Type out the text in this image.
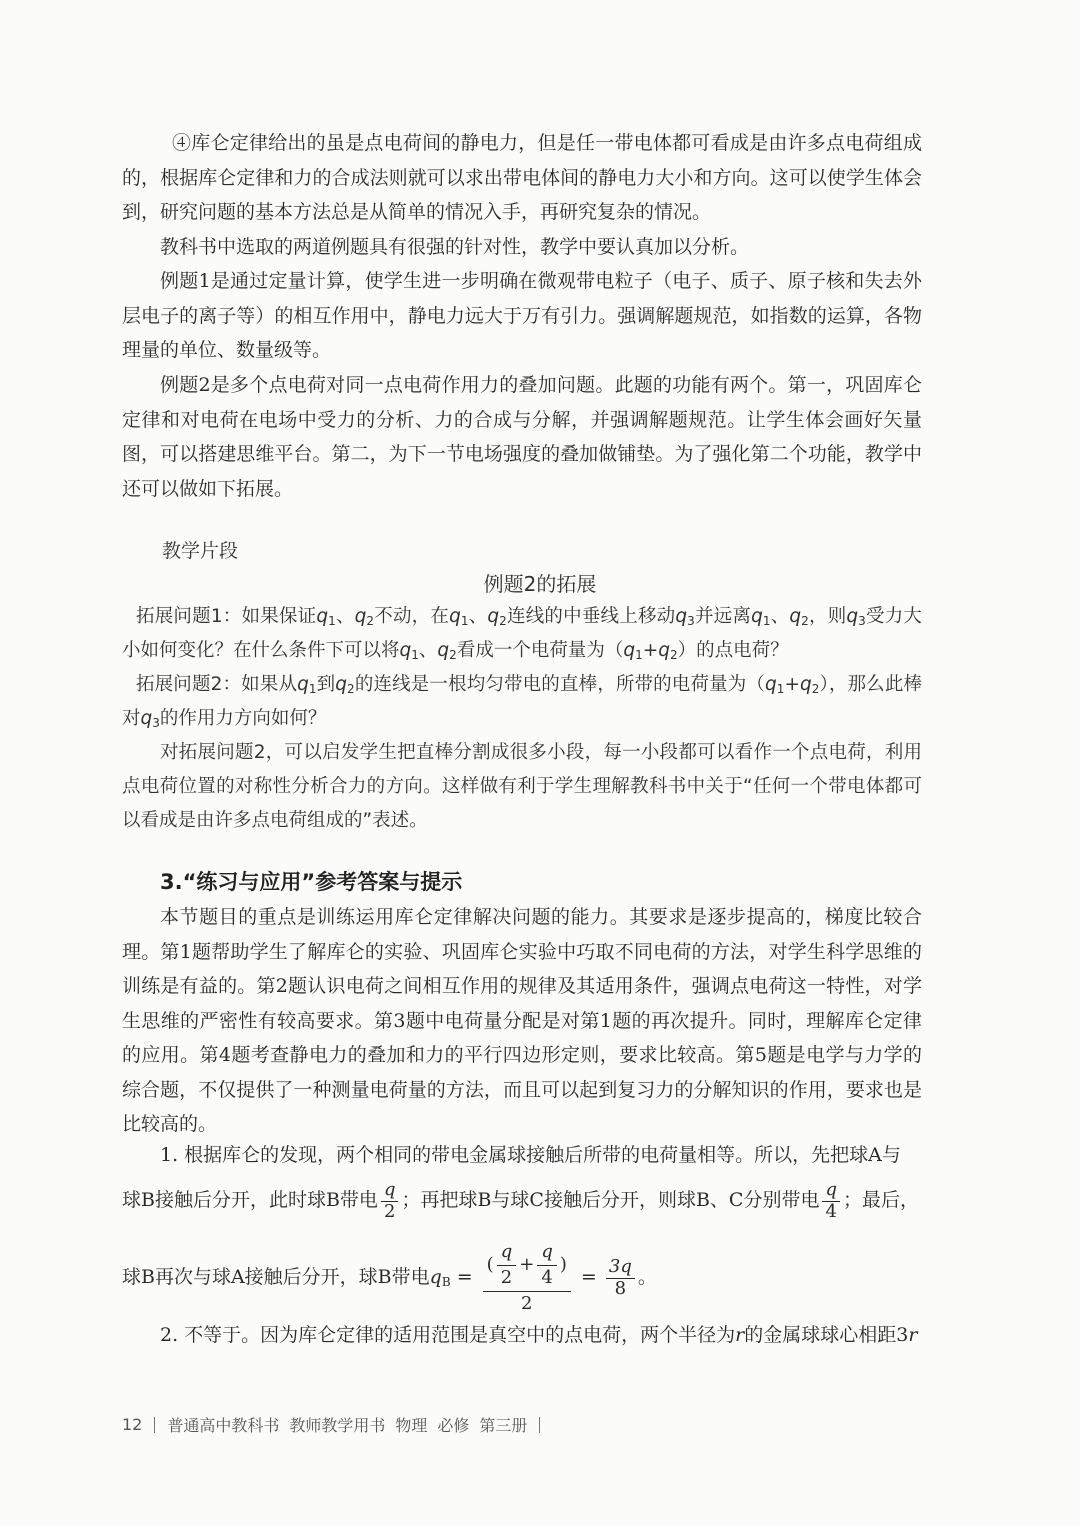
④库仑定律给出的虽是点电荷间的静电力，但是任一带电体都可看成是由许多点电荷组成的，根据库仑定律和力的合成法则就可以求出带电体间的静电力大小和方向。这可以使学生体会到，研究问题的基本方法总是从简单的情况入手，再研究复杂的情况。

教科书中选取的两道例题具有很强的针对性，教学中要认真加以分析。

例题1是通过定量计算，使学生进一步明确在微观带电粒子（电子、质子、原子核和失去外层电子的离子等）的相互作用中，静电力远大于万有引力。强调解题规范，如指数的运算，各物理量的单位、数量级等。

例题2是多个点电荷对同一点电荷作用力的叠加问题。此题的功能有两个。第一，巩固库仑定律和对电荷在电场中受力的分析、力的合成与分解，并强调解题规范。让学生体会画好矢量图，可以搭建思维平台。第二，为下一节电场强度的叠加做铺垫。为了强化第二个功能，教学中还可以做如下拓展。

教学片段

例题2的拓展

拓展问题1：如果保证$q_1$、$q_2$不动，在$q_1$、$q_2$连线的中垂线上移动$q_3$并远离$q_1$、$q_2$，则$q_3$受力大小如何变化？在什么条件下可以将$q_1$、$q_2$看成一个电荷量为$(q_1+q_2)$的点电荷？

拓展问题2：如果从$q_1$到$q_2$的连线是一根均匀带电的直棒，所带的电荷量为$(q_1+q_2)$，那么此棒对$q_3$的作用力方向如何？

对拓展问题2，可以启发学生把直棒分割成很多小段，每一小段都可以看作一个点电荷，利用点电荷位置的对称性分析合力的方向。这样做有利于学生理解教科书中关于“任何一个带电体都可以看成是由许多点电荷组成的”表述。

3.“练习与应用”参考答案与提示

本节题目的重点是训练运用库仑定律解决问题的能力。其要求是逐步提高的，梯度比较合理。第1题帮助学生了解库仑的实验、巩固库仑实验中巧取不同电荷的方法，对学生科学思维的训练是有益的。第2题认识电荷之间相互作用的规律及其适用条件，强调点电荷这一特性，对学生思维的严密性有较高要求。第3题中电荷量分配是对第1题的再次提升。同时，理解库仑定律的应用。第4题考查静电力的叠加和力的平行四边形定则，要求比较高。第5题是电学与力学的综合题，不仅提供了一种测量电荷量的方法，而且可以起到复习力的分解知识的作用，要求也是比较高的。

1. 根据库仑的发现，两个相同的带电金属球接触后所带的电荷量相等。所以，先把球A与

球B接触后分开，此时球B带电 $\frac{q}{2}$ ；再把球B与球C接触后分开，则球B、C分别带电 $\frac{q}{4}$ ；最后，

球B再次与球A接触后分开，球B带电$q_B = \frac{( \frac{q}{2} + \frac{q}{4} )}{2} = \frac{3q}{8}$ 。

2. 不等于。因为库仑定律的适用范围是真空中的点电荷，两个半径为r的金属球球心相距3r

12 普通高中教科书 教师教学用书 物理 必修 第三册
